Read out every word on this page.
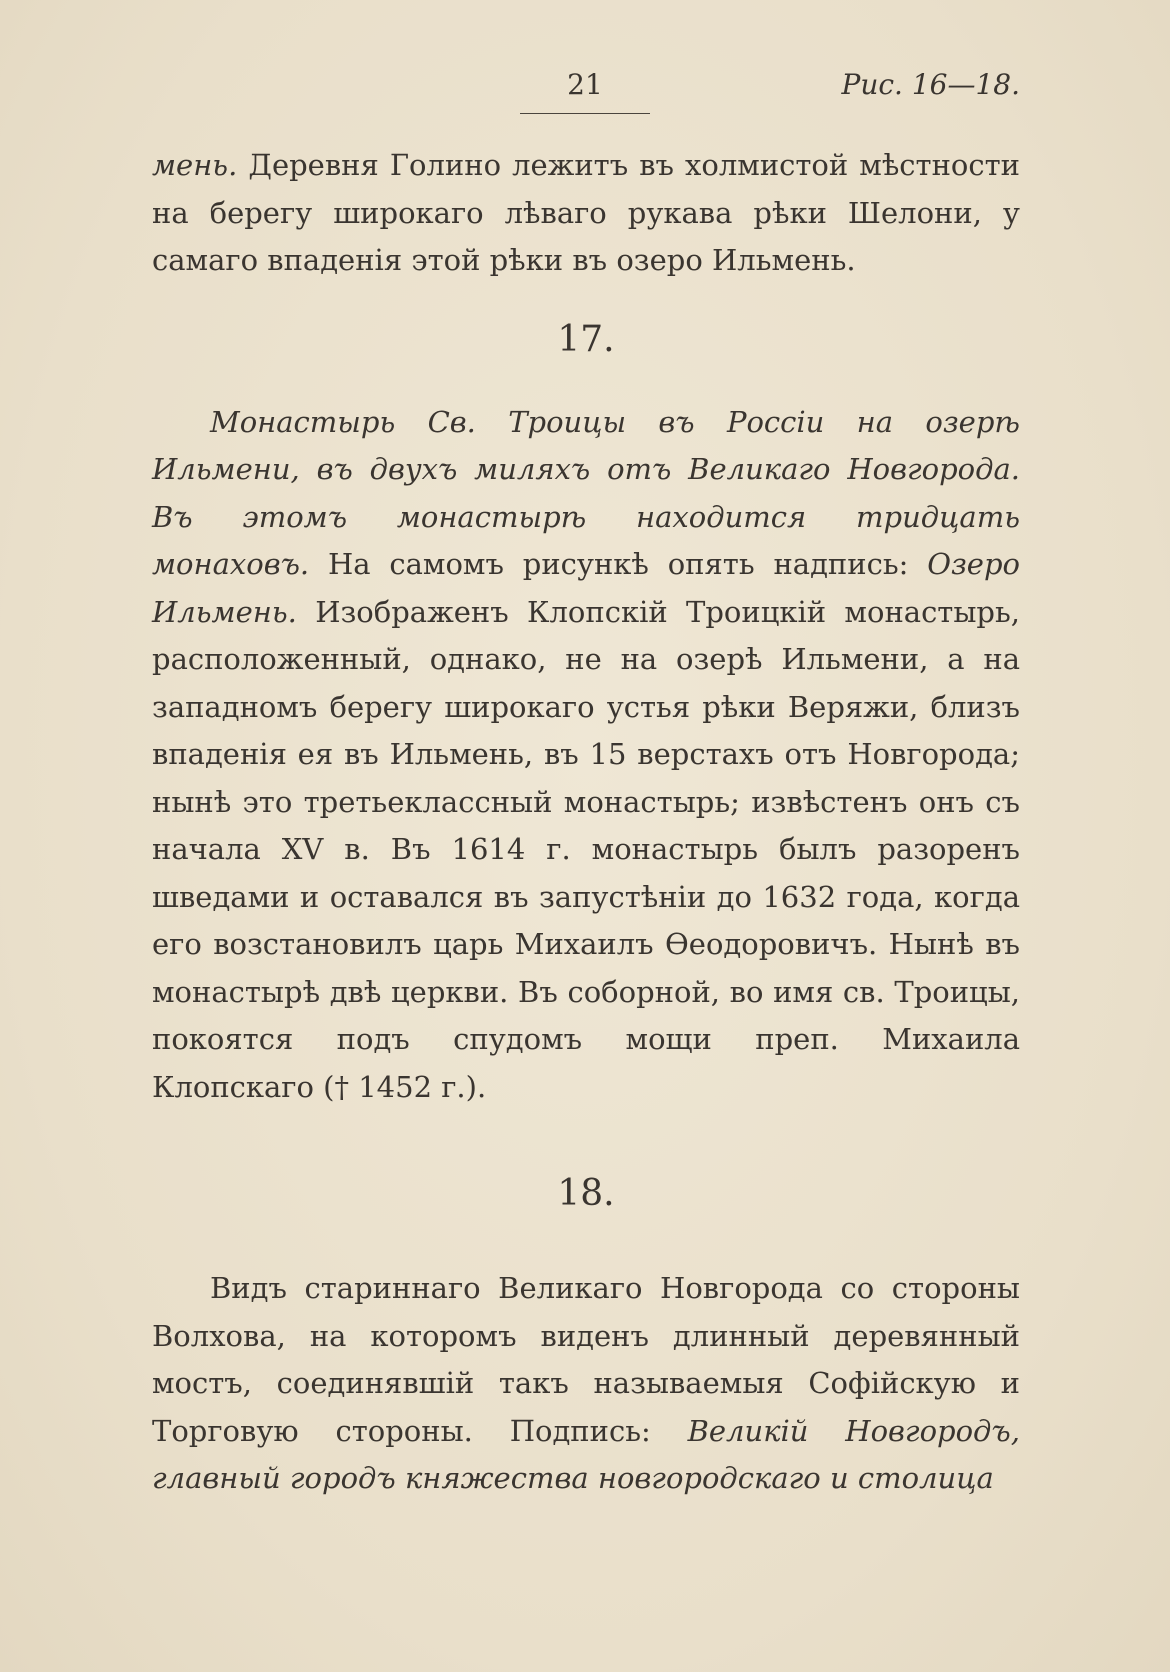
21	Рис. 16—18.

мень. Деревня Голино лежитъ въ холмистой мѣстности на берегу широкаго лѣваго рукава рѣки Шелони, у самаго впаденія этой рѣки въ озеро Ильмень.

17.

Монастырь Св. Троицы въ Россіи на озерѣ Ильмени, въ двухъ миляхъ отъ Великаго Новгорода. Въ этомъ монастырѣ находится тридцать монаховъ. На самомъ рисункѣ опять надпись: Озеро Ильмень. Изображенъ Клопскій Троицкій монастырь, расположенный, однако, не на озерѣ Ильмени, а на западномъ берегу широкаго устья рѣки Веряжи, близъ впаденія ея въ Ильмень, въ 15 верстахъ отъ Новгорода; нынѣ это третьеклассный монастырь; извѣстенъ онъ съ начала XV в. Въ 1614 г. монастырь былъ разоренъ шведами и оставался въ запустѣніи до 1632 года, когда его возстановилъ царь Михаилъ Ѳеодоровичъ. Нынѣ въ монастырѣ двѣ церкви. Въ соборной, во имя св. Троицы, покоятся подъ спудомъ мощи преп. Михаила Клопскаго († 1452 г.).

18.

Видъ стариннаго Великаго Новгорода со стороны Волхова, на которомъ виденъ длинный деревянный мостъ, соединявшій такъ называемыя Софійскую и Торговую стороны. Подпись: Великій Новгородъ, главный городъ княжества новгородскаго и столица
